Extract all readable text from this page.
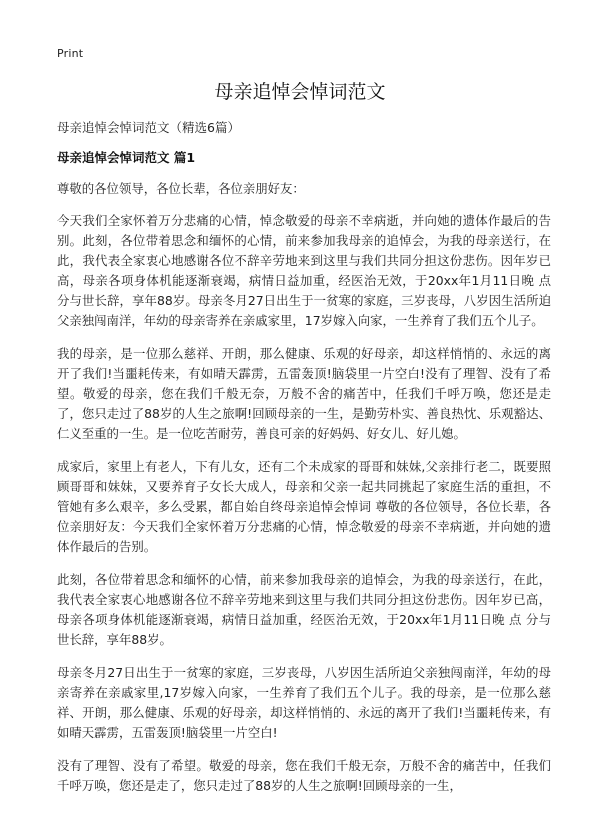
Print
母亲追悼会悼词范文
母亲追悼会悼词范文（精选6篇）
母亲追悼会悼词范文 篇1

尊敬的各位领导，各位长辈，各位亲朋好友：

今天我们全家怀着万分悲痛的心情，悼念敬爱的母亲不幸病逝，并向她的遗体作最后的告别。此刻，各位带着思念和缅怀的心情，前来参加我母亲的追悼会，为我的母亲送行，在此，我代表全家衷心地感谢各位不辞辛劳地来到这里与我们共同分担这份悲伤。因年岁已高，母亲各项身体机能逐渐衰竭，病情日益加重，经医治无效，于20xx年1月11日晚 点 分与世长辞，享年88岁。母亲冬月27日出生于一贫寒的家庭，三岁丧母，八岁因生活所迫父亲独闯南洋，年幼的母亲寄养在亲戚家里，17岁嫁入向家，一生养育了我们五个儿子。

我的母亲，是一位那么慈祥、开朗，那么健康、乐观的好母亲，却这样悄悄的、永远的离开了我们!当噩耗传来，有如晴天霹雳，五雷轰顶!脑袋里一片空白!没有了理智、没有了希望。敬爱的母亲，您在我们千般无奈，万般不舍的痛苦中，任我们千呼万唤，您还是走了，您只走过了88岁的人生之旅啊!回顾母亲的一生，是勤劳朴实、善良热忱、乐观豁达、仁义至重的一生。是一位吃苦耐劳，善良可亲的好妈妈、好女儿、好儿媳。

成家后，家里上有老人，下有儿女，还有二个未成家的哥哥和妹妹,父亲排行老二，既要照顾哥哥和妹妹，又要养育子女长大成人，母亲和父亲一起共同挑起了家庭生活的重担，不管她有多么艰辛，多么受累，都自始自终母亲追悼会悼词 尊敬的各位领导，各位长辈，各位亲朋好友：今天我们全家怀着万分悲痛的心情，悼念敬爱的母亲不幸病逝，并向她的遗体作最后的告别。

此刻，各位带着思念和缅怀的心情，前来参加我母亲的追悼会，为我的母亲送行，在此，我代表全家衷心地感谢各位不辞辛劳地来到这里与我们共同分担这份悲伤。因年岁已高，母亲各项身体机能逐渐衰竭，病情日益加重，经医治无效，于20xx年1月11日晚 点 分与世长辞，享年88岁。

母亲冬月27日出生于一贫寒的家庭，三岁丧母，八岁因生活所迫父亲独闯南洋，年幼的母亲寄养在亲戚家里,17岁嫁入向家，一生养育了我们五个儿子。我的母亲，是一位那么慈祥、开朗，那么健康、乐观的好母亲，却这样悄悄的、永远的离开了我们!当噩耗传来，有如晴天霹雳，五雷轰顶!脑袋里一片空白!

没有了理智、没有了希望。敬爱的母亲，您在我们千般无奈，万般不舍的痛苦中，任我们千呼万唤，您还是走了，您只走过了88岁的人生之旅啊!回顾母亲的一生，
